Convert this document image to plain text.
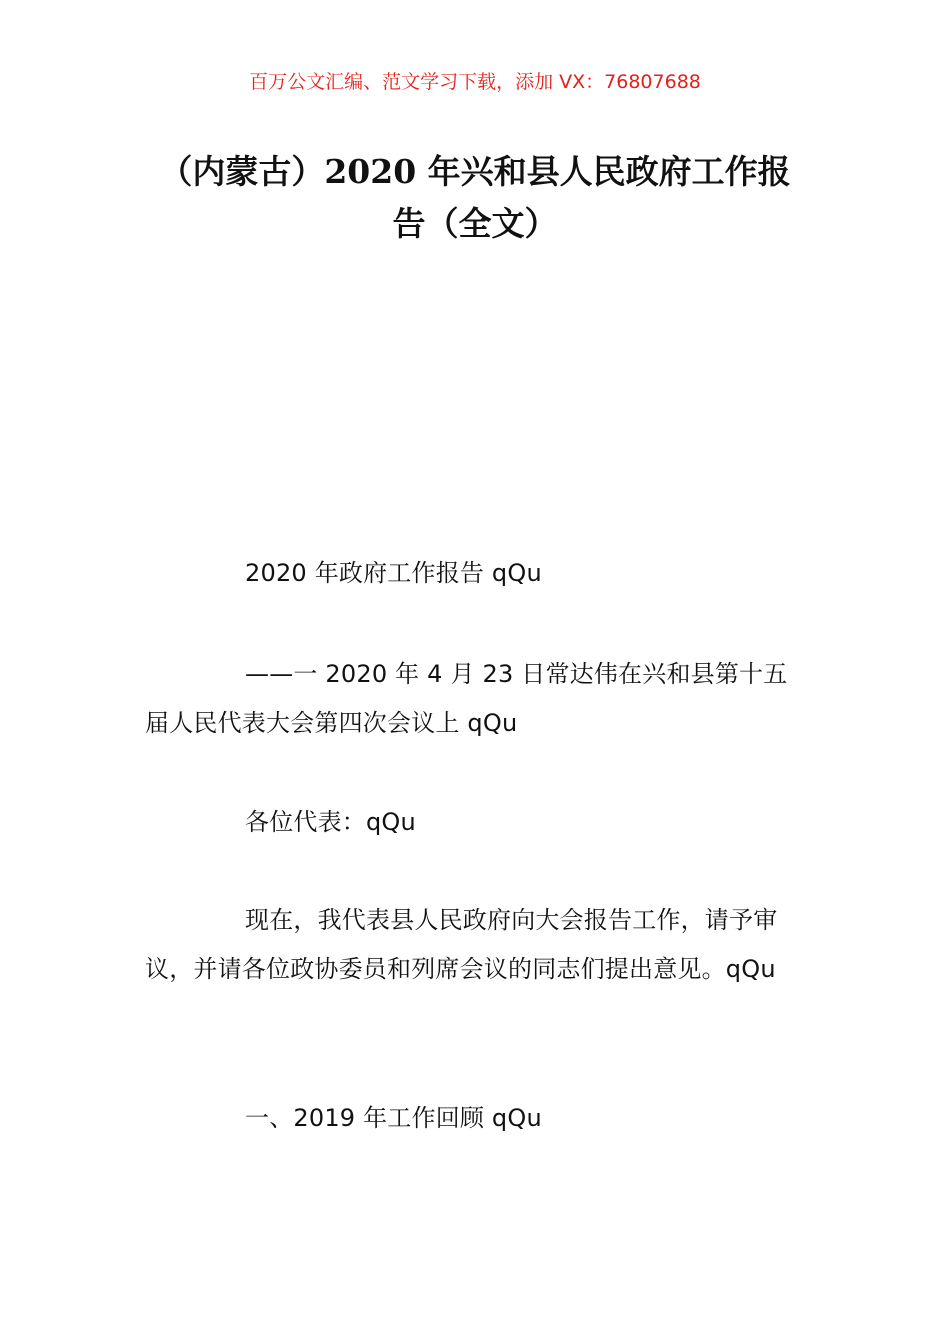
百万公文汇编、范文学习下载，添加 VX：76807688
（内蒙古）2020 年兴和县人民政府工作报告（全文）
2020 年政府工作报告 qQu
——一 2020 年 4 月 23 日常达伟在兴和县第十五届人民代表大会第四次会议上 qQu
各位代表：qQu
现在，我代表县人民政府向大会报告工作，请予审议，并请各位政协委员和列席会议的同志们提出意见。qQu
一、2019 年工作回顾 qQu
